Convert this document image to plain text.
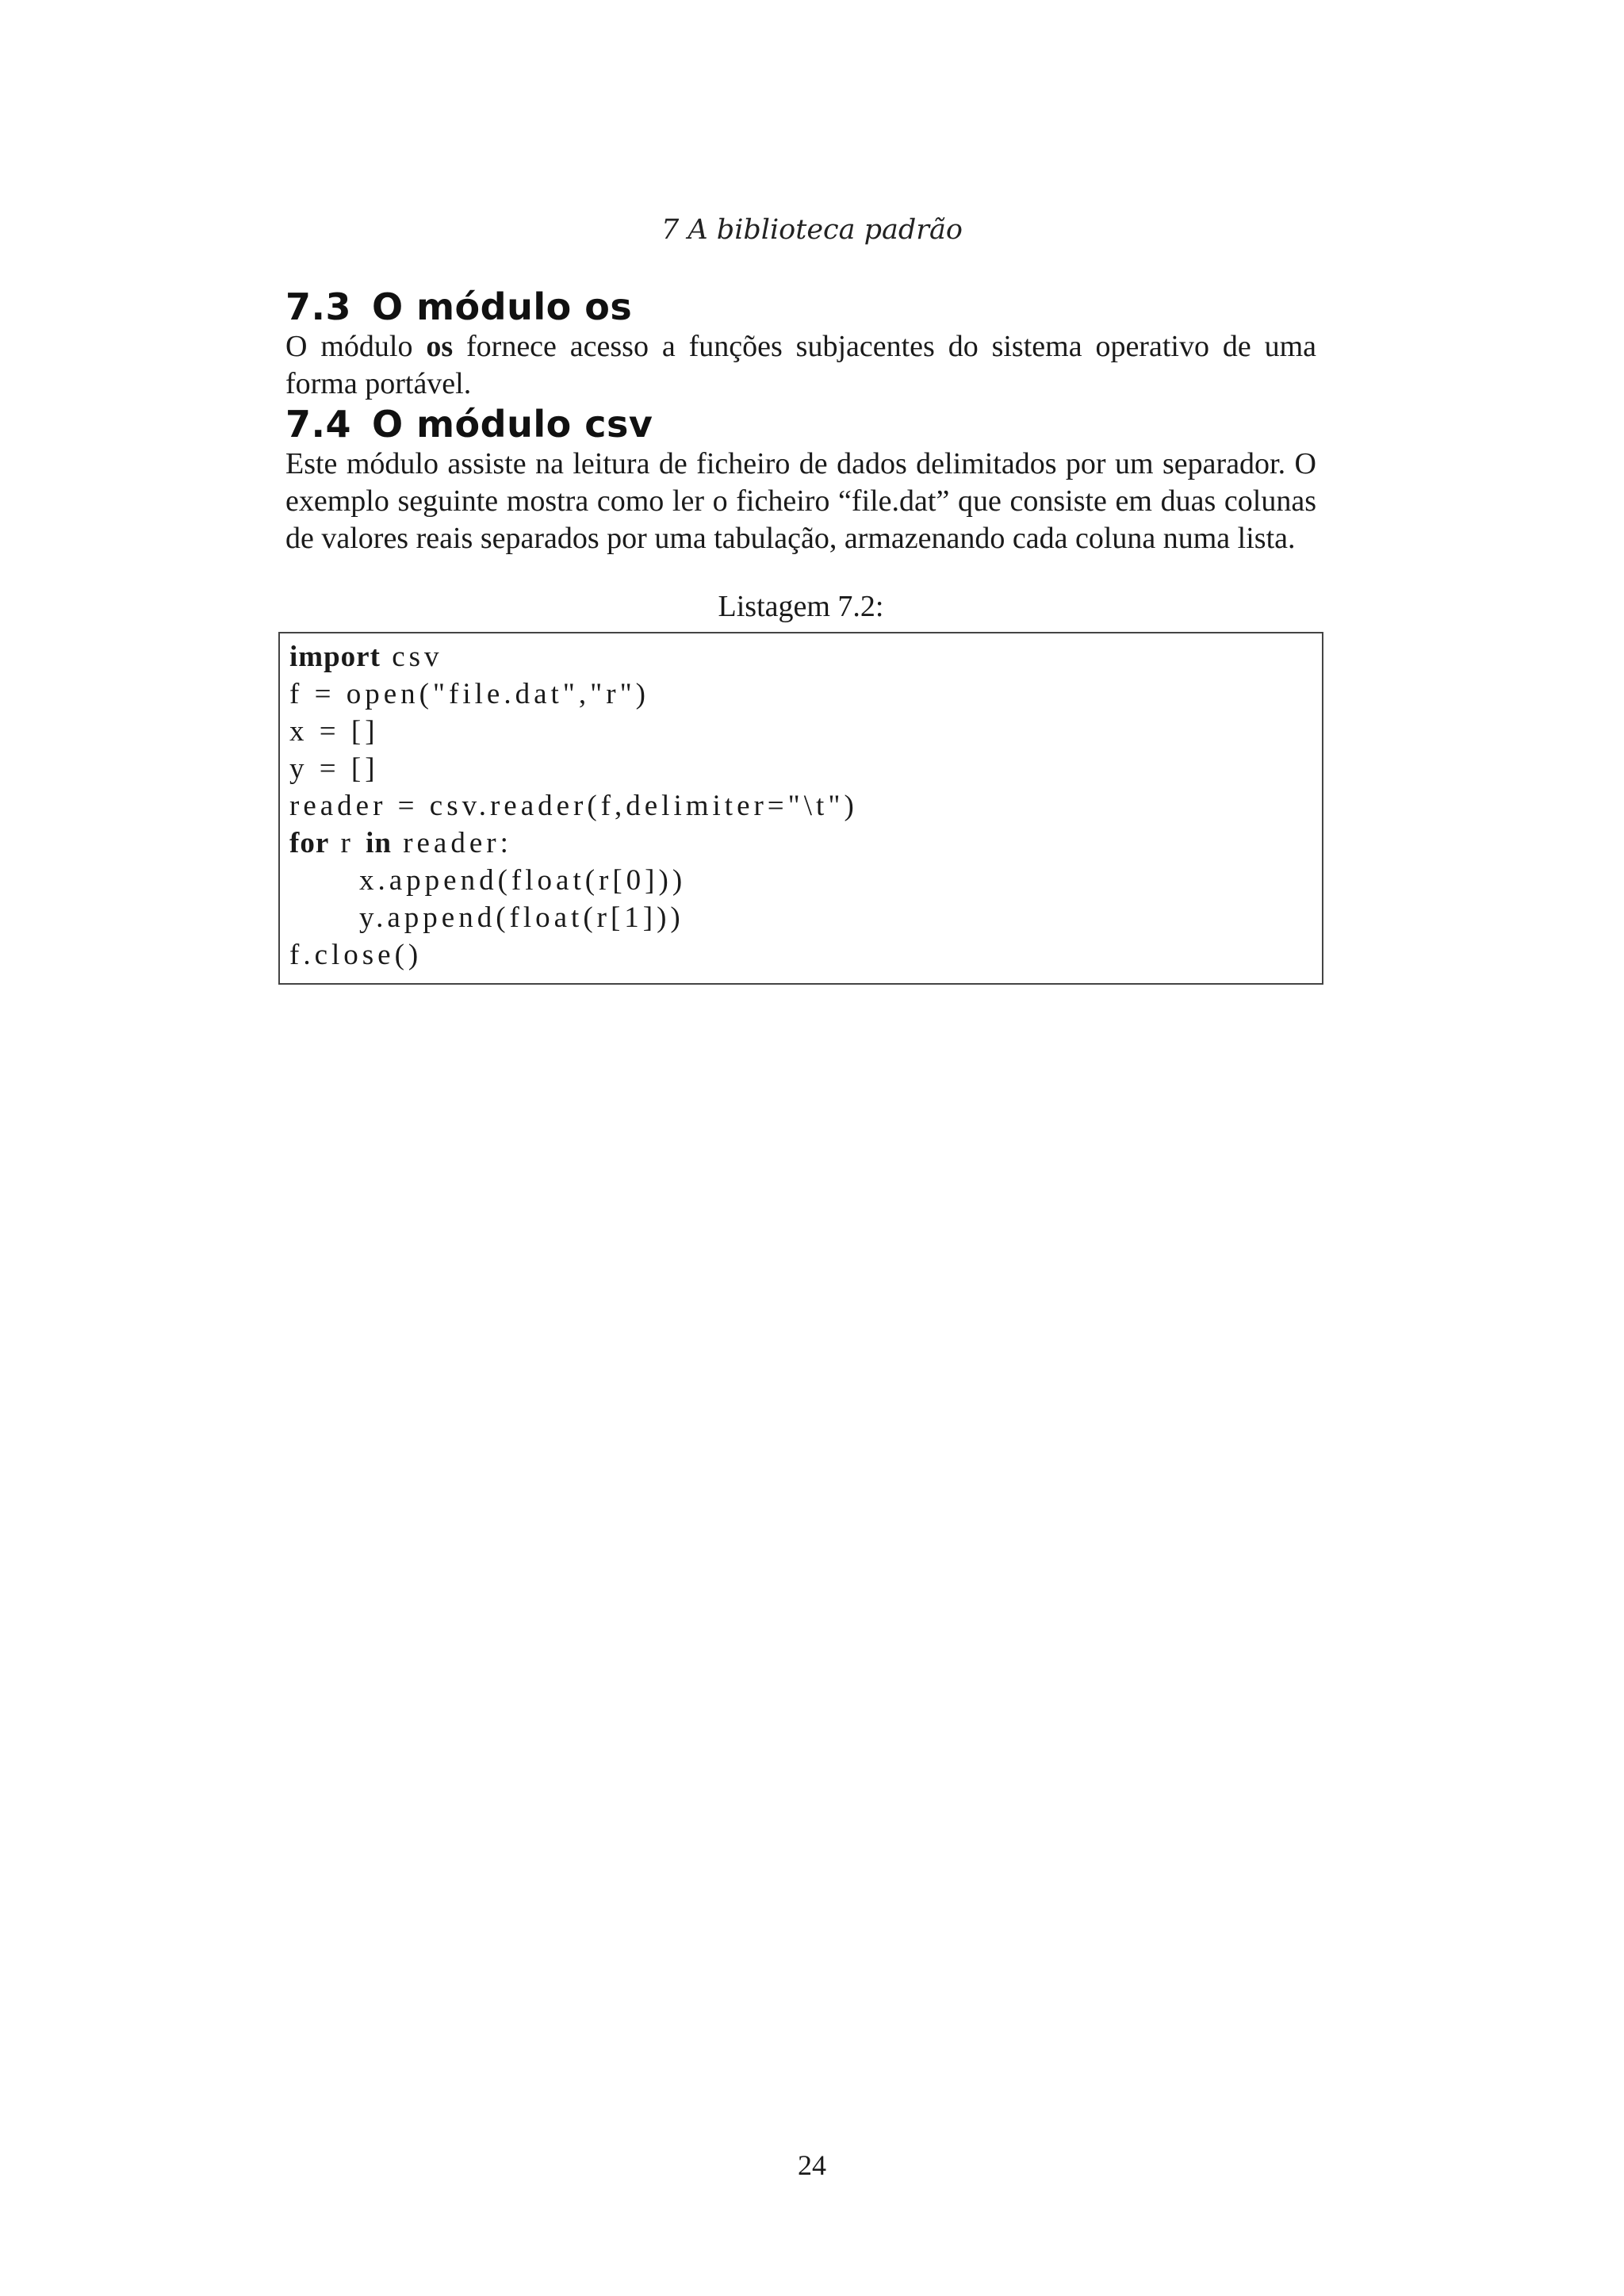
7 A biblioteca padrão
7.3 O módulo os

O módulo os fornece acesso a funções subjacentes do sistema operativo de uma forma portável.

7.4 O módulo csv

Este módulo assiste na leitura de ficheiro de dados delimitados por um separador. O exemplo seguinte mostra como ler o ficheiro “file.dat” que consiste em duas colunas de valores reais separados por uma tabulação, armazenando cada coluna numa lista.

Listagem 7.2:
import csv
f = open("file.dat","r")
x = []
y = []
reader = csv.reader(f,delimiter="\t")
for r in reader:
x.append(float(r[0]))
y.append(float(r[1]))
f.close()
24
